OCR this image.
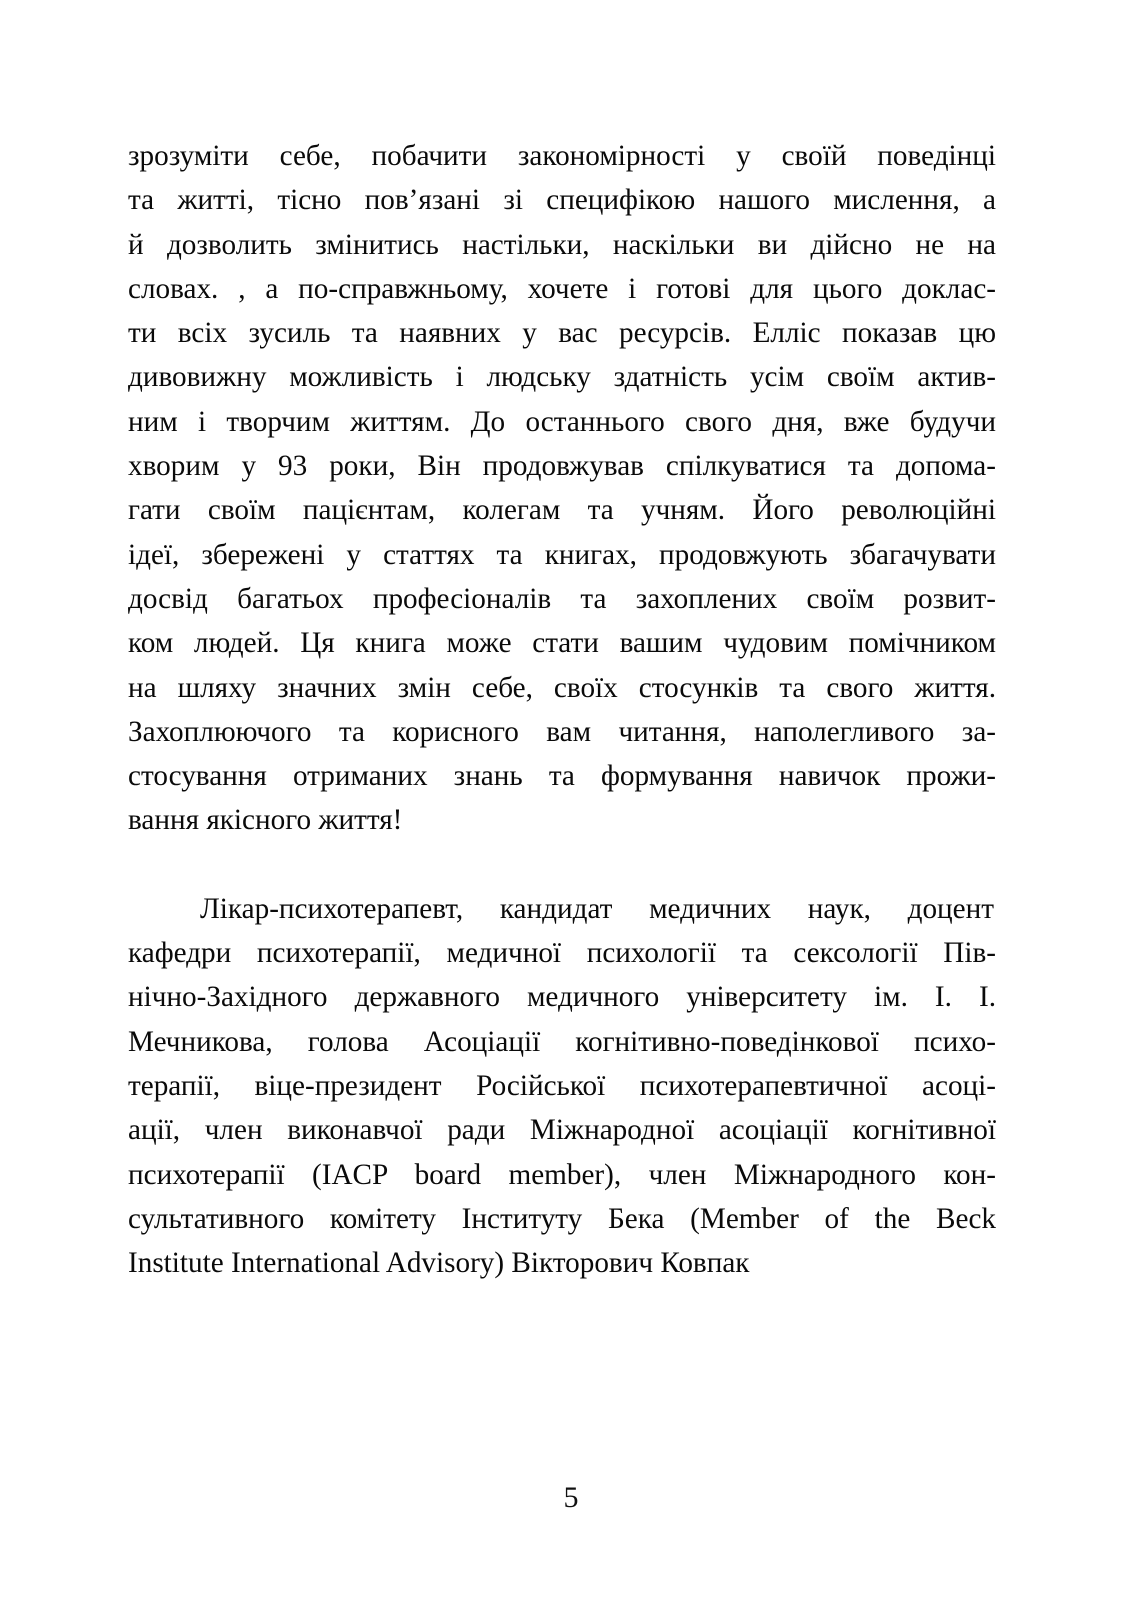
зрозуміти себе, побачити закономірності у своїй поведінці
та житті, тісно пов’язані зі специфікою нашого мислення, а
й дозволить змінитись настільки, наскільки ви дійсно не на
словах. , а по-справжньому, хочете і готові для цього доклас-
ти всіх зусиль та наявних у вас ресурсів. Елліс показав цю
дивовижну можливість і людську здатність усім своїм актив-
ним і творчим життям. До останнього свого дня, вже будучи
хворим у 93 роки, Він продовжував спілкуватися та допома-
гати своїм пацієнтам, колегам та учням. Його революційні
ідеї, збережені у статтях та книгах, продовжують збагачувати
досвід багатьох професіоналів та захоплених своїм розвит-
ком людей. Ця книга може стати вашим чудовим помічником
на шляху значних змін себе, своїх стосунків та свого життя.
Захоплюючого та корисного вам читання, наполегливого за-
стосування отриманих знань та формування навичок прожи-
вання якісного життя!
Лікар-психотерапевт, кандидат медичних наук, доцент
кафедри психотерапії, медичної психології та сексології Пів-
нічно-Західного державного медичного університету ім. І. І.
Мечникова, голова Асоціації когнітивно-поведінкової психо-
терапії, віце-президент Російської психотерапевтичної асоці-
ації, член виконавчої ради Міжнародної асоціації когнітивної
психотерапії (IACP board member), член Міжнародного кон-
сультативного комітету Інституту Бека (Member of the Beck
Institute International Advisory) Вікторович Ковпак
5
